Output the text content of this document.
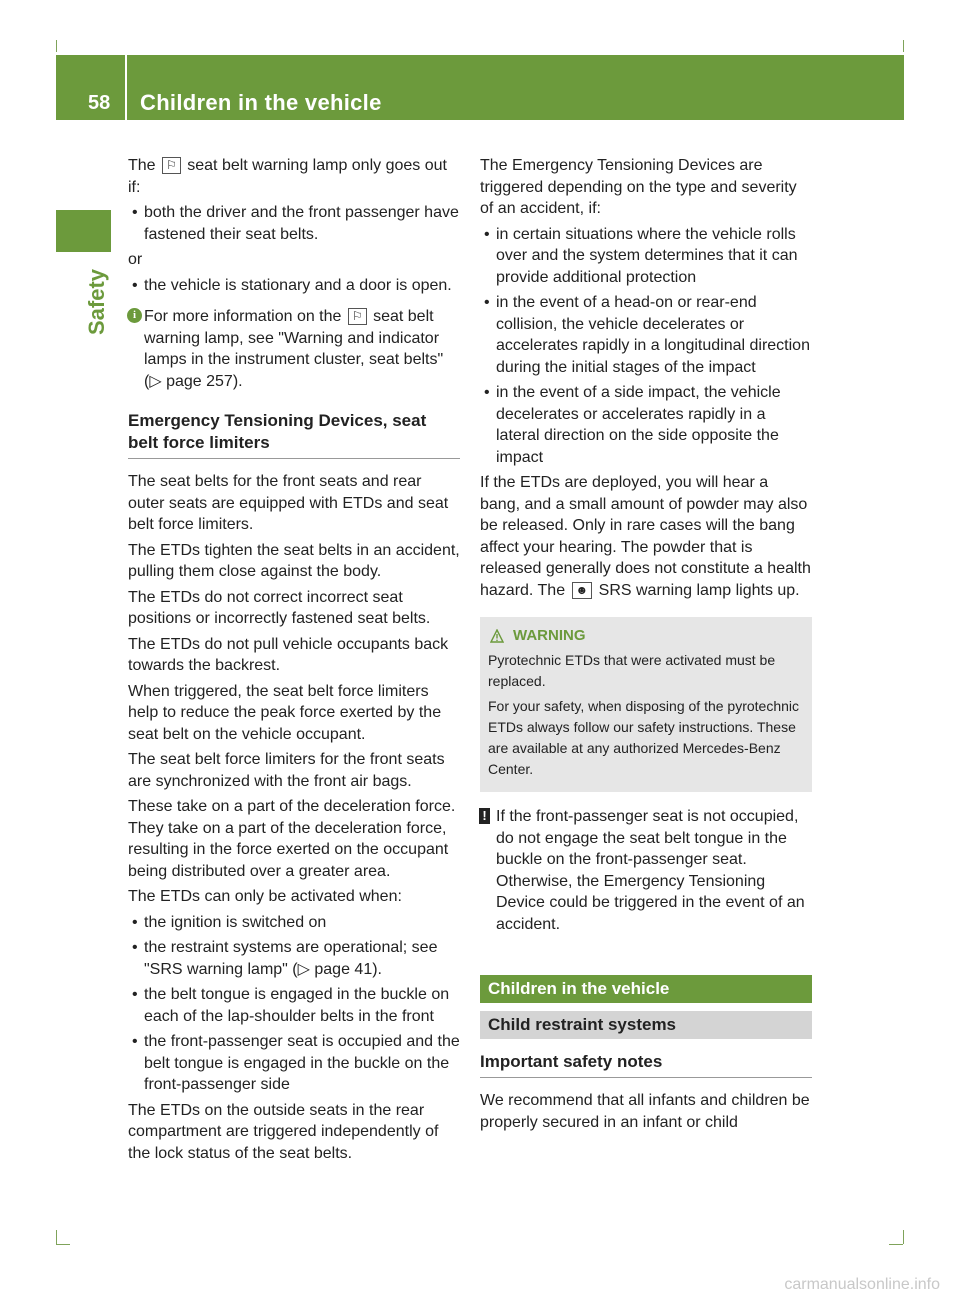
58 Children in the vehicle
Safety

The ⚐ seat belt warning lamp only goes out if:

• both the driver and the front passenger have fastened their seat belts.

or

• the vehicle is stationary and a door is open.
i For more information on the ⚐ seat belt warning lamp, see "Warning and indicator lamps in the instrument cluster, seat belts" (▷ page 257).
Emergency Tensioning Devices, seat belt force limiters

The seat belts for the front seats and rear outer seats are equipped with ETDs and seat belt force limiters.

The ETDs tighten the seat belts in an accident, pulling them close against the body.

The ETDs do not correct incorrect seat positions or incorrectly fastened seat belts.

The ETDs do not pull vehicle occupants back towards the backrest.

When triggered, the seat belt force limiters help to reduce the peak force exerted by the seat belt on the vehicle occupant.

The seat belt force limiters for the front seats are synchronized with the front air bags.

These take on a part of the deceleration force. They take on a part of the deceleration force, resulting in the force exerted on the occupant being distributed over a greater area.

The ETDs can only be activated when:

• the ignition is switched on
• the restraint systems are operational; see "SRS warning lamp" (▷ page 41).
• the belt tongue is engaged in the buckle on each of the lap-shoulder belts in the front
• the front-passenger seat is occupied and the belt tongue is engaged in the buckle on the front-passenger side

The ETDs on the outside seats in the rear compartment are triggered independently of the lock status of the seat belts.

The Emergency Tensioning Devices are triggered depending on the type and severity of an accident, if:

• in certain situations where the vehicle rolls over and the system determines that it can provide additional protection
• in the event of a head-on or rear-end collision, the vehicle decelerates or accelerates rapidly in a longitudinal direction during the initial stages of the impact
• in the event of a side impact, the vehicle decelerates or accelerates rapidly in a lateral direction on the side opposite the impact

If the ETDs are deployed, you will hear a bang, and a small amount of powder may also be released. Only in rare cases will the bang affect your hearing. The powder that is released generally does not constitute a health hazard. The ☻ SRS warning lamp lights up.

WARNING

Pyrotechnic ETDs that were activated must be replaced.

For your safety, when disposing of the pyrotechnic ETDs always follow our safety instructions. These are available at any authorized Mercedes-Benz Center.

! If the front-passenger seat is not occupied, do not engage the seat belt tongue in the buckle on the front-passenger seat. Otherwise, the Emergency Tensioning Device could be triggered in the event of an accident.
Children in the vehicle
Child restraint systems
Important safety notes

We recommend that all infants and children be properly secured in an infant or child

carmanualsonline.info
